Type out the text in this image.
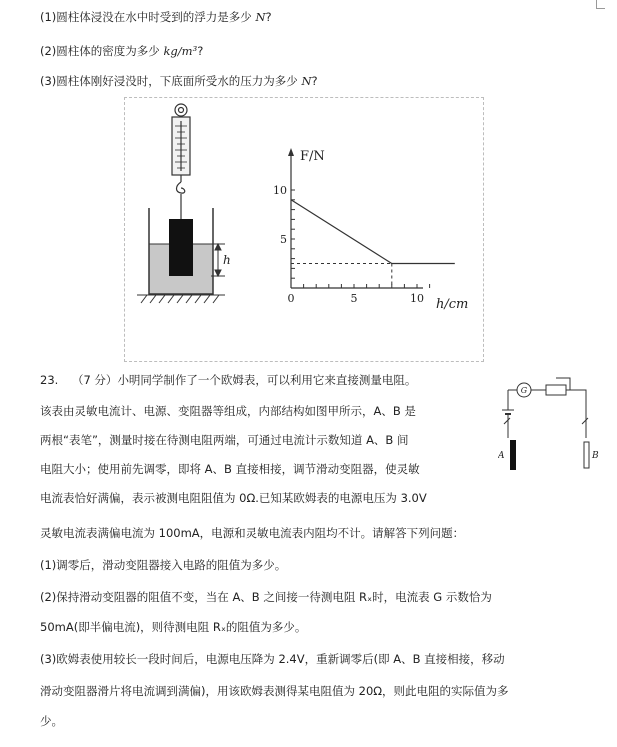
(1)圆柱体浸没在水中时受到的浮力是多少 N?
(2)圆柱体的密度为多少 kg/m³?
(3)圆柱体刚好浸没时，下底面所受水的压力为多少 N?
h
F/N
h/cm
0	5	10
10
5
23. （7 分）小明同学制作了一个欧姆表，可以利用它来直接测量电阻。
该表由灵敏电流计、电源、变阻器等组成，内部结构如图甲所示，A、B 是
两根“表笔”，测量时接在待测电阻两端，可通过电流计示数知道 A、B 间
电阻大小；使用前先调零，即将 A、B 直接相接，调节滑动变阻器，使灵敏
电流表恰好满偏，表示被测电阻阻值为 0Ω.已知某欧姆表的电源电压为 3.0V
灵敏电流表满偏电流为 100mA，电源和灵敏电流表内阻均不计。请解答下列问题：
(1)调零后，滑动变阻器接入电路的阻值为多少。
(2)保持滑动变阻器的阻值不变，当在 A、B 之间接一待测电阻 Rₓ时，电流表 G 示数恰为
50mA(即半偏电流)，则待测电阻 Rₓ的阻值为多少。
(3)欧姆表使用较长一段时间后，电源电压降为 2.4V，重新调零后(即 A、B 直接相接，移动
滑动变阻器滑片将电流调到满偏)，用该欧姆表测得某电阻值为 20Ω，则此电阻的实际值为多
少。
G
A	B
